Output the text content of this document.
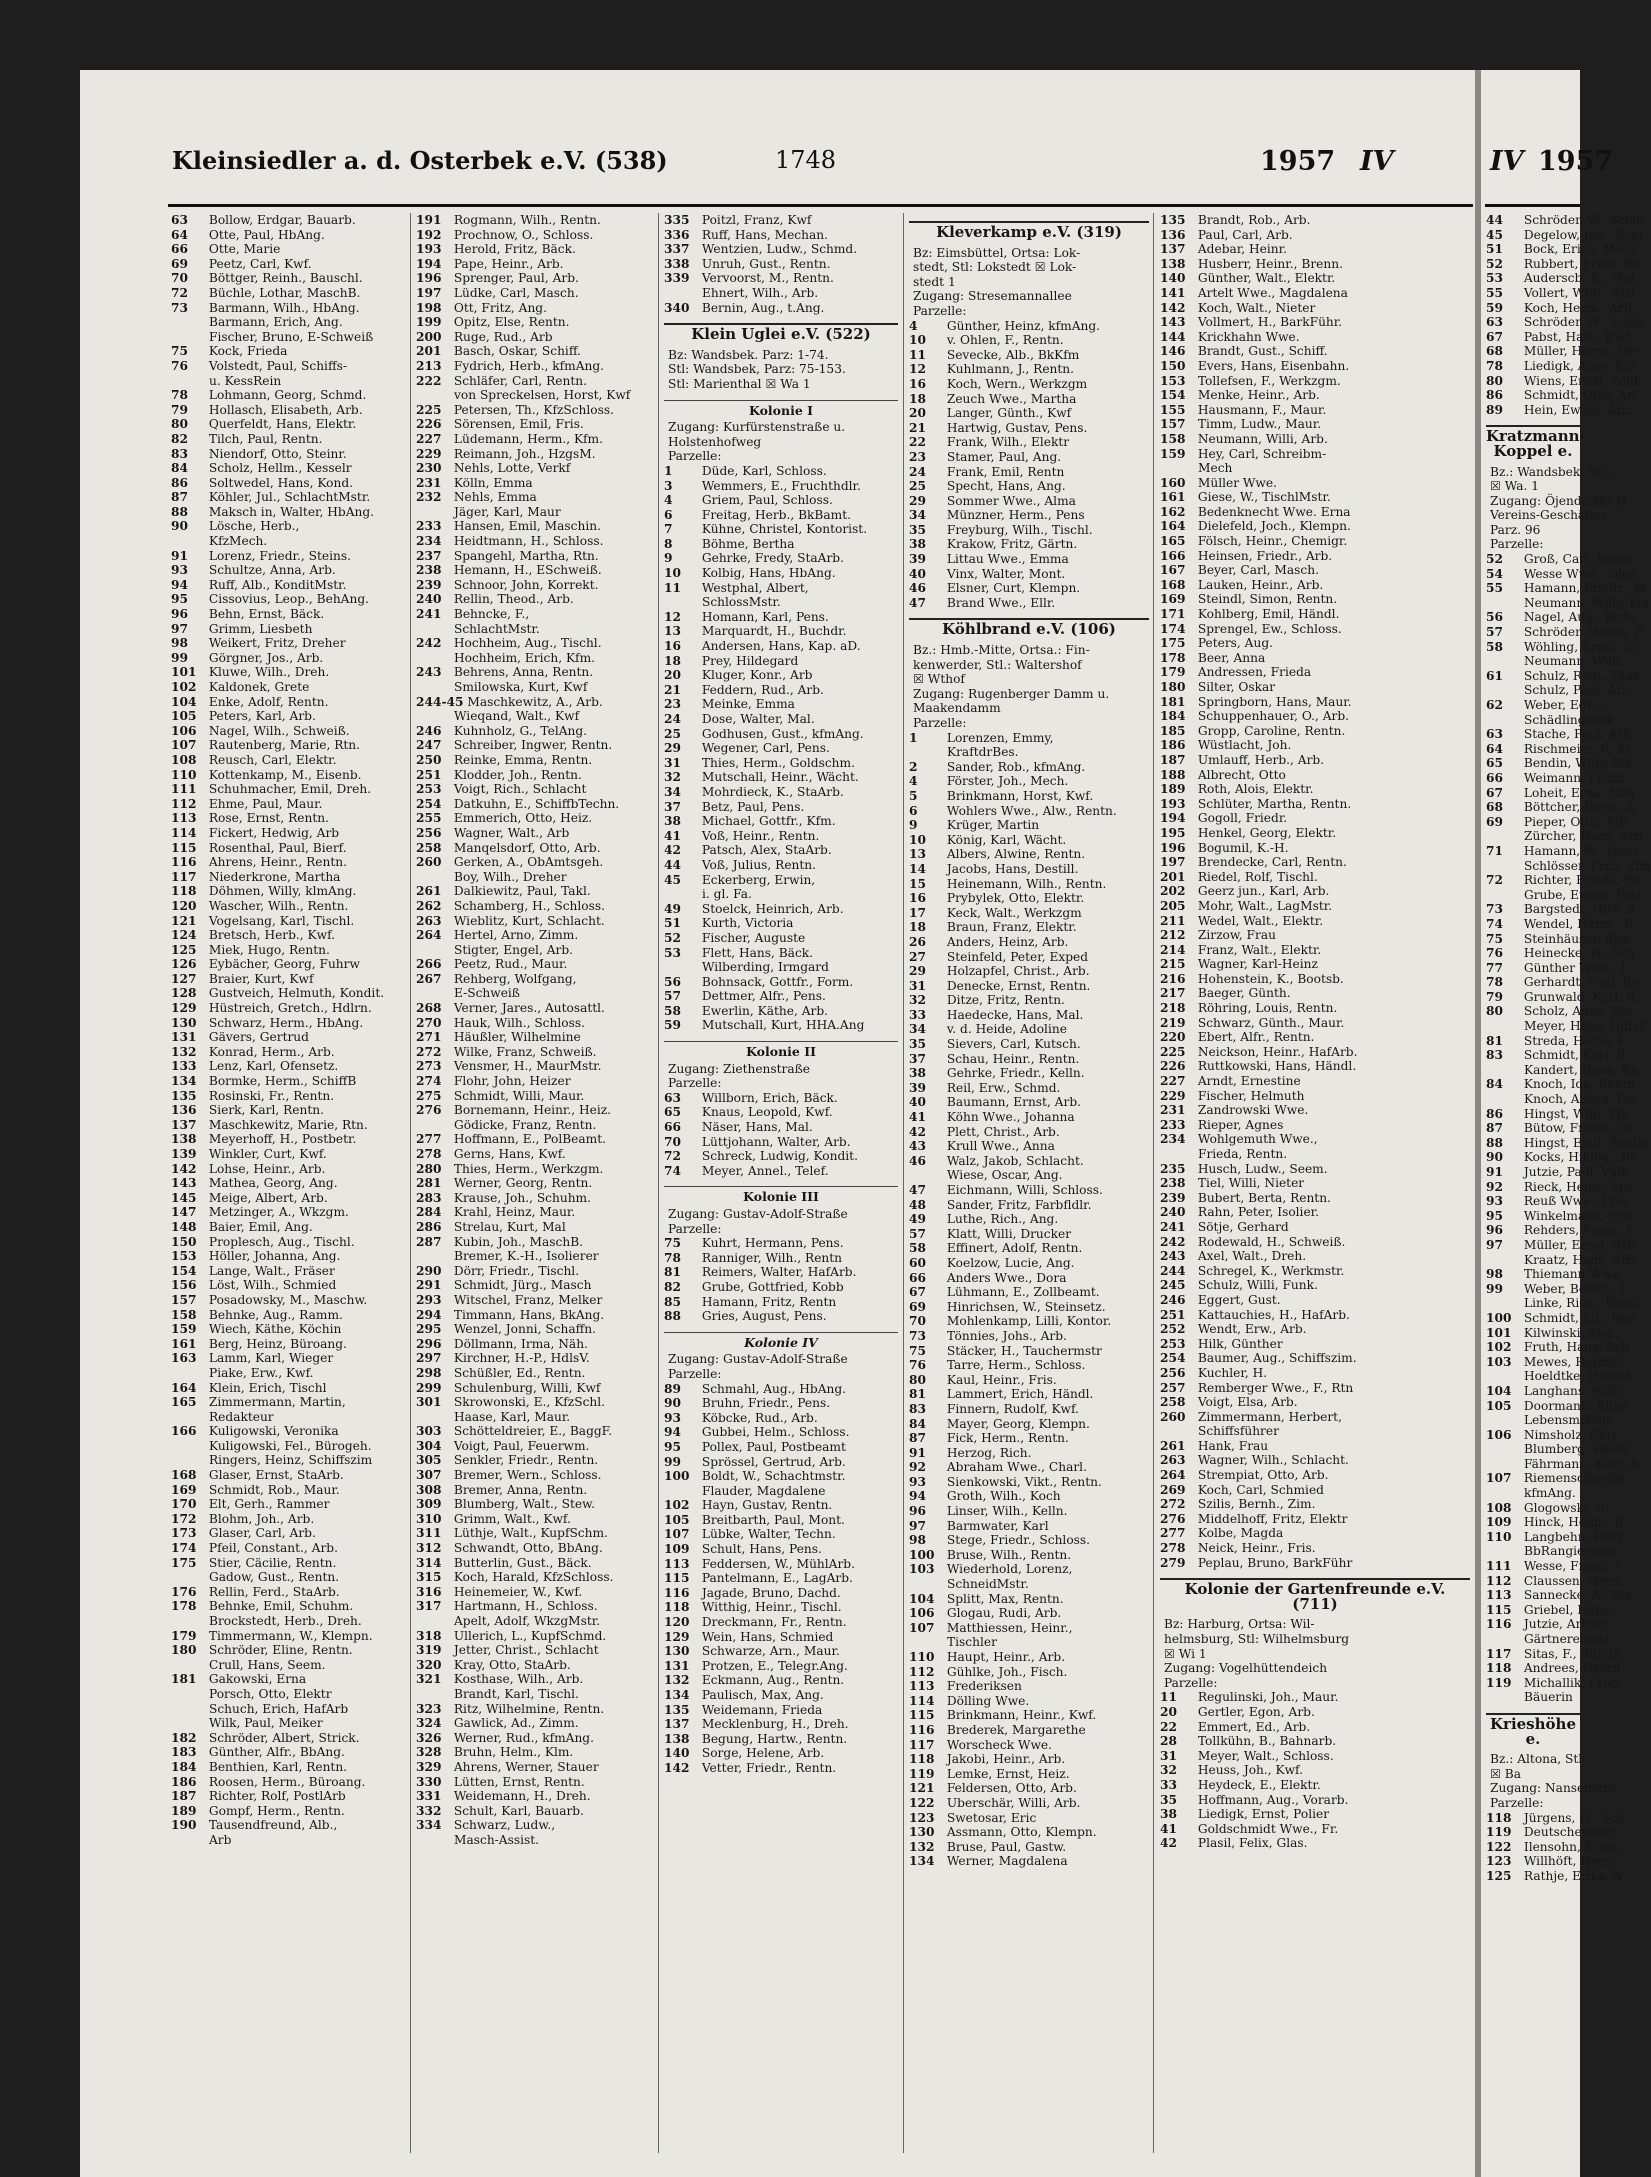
Kleinsiedler a. d. Osterbek e.V. (538)	1748	1957 IV	IV 1957
63 Bollow, Erdgar, Bauarb.
64 Otte, Paul, HbAng.
66 Otte, Marie
69 Peetz, Carl, Kwf.
70 Böttger, Reinh., Bauschl.
72 Büchle, Lothar, MaschB.
73 Barmann, Wilh., HbAng.
Barmann, Erich, Ang.
Fischer, Bruno, E-Schweiß
75 Kock, Frieda
76 Volstedt, Paul, Schiffs-
u. KessRein
78 Lohmann, Georg, Schmd.
79 Hollasch, Elisabeth, Arb.
80 Querfeldt, Hans, Elektr.
82 Tilch, Paul, Rentn.
83 Niendorf, Otto, Steinr.
84 Scholz, Hellm., Kesselr
86 Soltwedel, Hans, Kond.
87 Köhler, Jul., SchlachtMstr.
88 Maksch in, Walter, HbAng.
90 Lösche, Herb.,
KfzMech.
91 Lorenz, Friedr., Steins.
93 Schultze, Anna, Arb.
94 Ruff, Alb., KonditMstr.
95 Cissovius, Leop., BehAng.
96 Behn, Ernst, Bäck.
97 Grimm, Liesbeth
98 Weikert, Fritz, Dreher
99 Görgner, Jos., Arb.
101 Kluwe, Wilh., Dreh.
102 Kaldonek, Grete
104 Enke, Adolf, Rentn.
105 Peters, Karl, Arb.
106 Nagel, Wilh., Schweiß.
107 Rautenberg, Marie, Rtn.
108 Reusch, Carl, Elektr.
110 Kottenkamp, M., Eisenb.
111 Schuhmacher, Emil, Dreh.
112 Ehme, Paul, Maur.
113 Rose, Ernst, Rentn.
114 Fickert, Hedwig, Arb
115 Rosenthal, Paul, Bierf.
116 Ahrens, Heinr., Rentn.
117 Niederkrone, Martha
118 Döhmen, Willy, klmAng.
120 Wascher, Wilh., Rentn.
121 Vogelsang, Karl, Tischl.
124 Bretsch, Herb., Kwf.
125 Miek, Hugo, Rentn.
126 Eybächer, Georg, Fuhrw
127 Braier, Kurt, Kwf
128 Gustveich, Helmuth, Kondit.
129 Hüstreich, Gretch., Hdlrn.
130 Schwarz, Herm., HbAng.
131 Gävers, Gertrud
132 Konrad, Herm., Arb.
133 Lenz, Karl, Ofensetz.
134 Bormke, Herm., SchiffB
135 Rosinski, Fr., Rentn.
136 Sierk, Karl, Rentn.
137 Maschkewitz, Marie, Rtn.
138 Meyerhoff, H., Postbetr.
139 Winkler, Curt, Kwf.
142 Lohse, Heinr., Arb.
143 Mathea, Georg, Ang.
145 Meige, Albert, Arb.
147 Metzinger, A., Wkzgm.
148 Baier, Emil, Ang.
150 Proplesch, Aug., Tischl.
153 Höller, Johanna, Ang.
154 Lange, Walt., Fräser
156 Löst, Wilh., Schmied
157 Posadowsky, M., Maschw.
158 Behnke, Aug., Ramm.
159 Wiech, Käthe, Köchin
161 Berg, Heinz, Büroang.
163 Lamm, Karl, Wieger
Piake, Erw., Kwf.
164 Klein, Erich, Tischl
165 Zimmermann, Martin,
Redakteur
166 Kuligowski, Veronika
Kuligowski, Fel., Bürogeh.
Ringers, Heinz, Schiffszim
168 Glaser, Ernst, StaArb.
169 Schmidt, Rob., Maur.
170 Elt, Gerh., Rammer
172 Blohm, Joh., Arb.
173 Glaser, Carl, Arb.
174 Pfeil, Constant., Arb.
175 Stier, Cäcilie, Rentn.
Gadow, Gust., Rentn.
176 Rellin, Ferd., StaArb.
178 Behnke, Emil, Schuhm.
Brockstedt, Herb., Dreh.
179 Timmermann, W., Klempn.
180 Schröder, Eline, Rentn.
Crull, Hans, Seem.
181 Gakowski, Erna
Porsch, Otto, Elektr
Schuch, Erich, HafArb
Wilk, Paul, Meiker
182 Schröder, Albert, Strick.
183 Günther, Alfr., BbAng.
184 Benthien, Karl, Rentn.
186 Roosen, Herm., Büroang.
187 Richter, Rolf, PostlArb
189 Gompf, Herm., Rentn.
190 Tausendfreund, Alb.,
Arb
191 Rogmann, Wilh., Rentn.
192 Prochnow, O., Schloss.
193 Herold, Fritz, Bäck.
194 Pape, Heinr., Arb.
196 Sprenger, Paul, Arb.
197 Lüdke, Carl, Masch.
198 Ott, Fritz, Ang.
199 Opitz, Else, Rentn.
200 Ruge, Rud., Arb
201 Basch, Oskar, Schiff.
213 Fydrich, Herb., kfmAng.
222 Schläfer, Carl, Rentn.
von Spreckelsen, Horst, Kwf
225 Petersen, Th., KfzSchloss.
226 Sörensen, Emil, Fris.
227 Lüdemann, Herm., Kfm.
229 Reimann, Joh., HzgsM.
230 Nehls, Lotte, Verkf
231 Kölln, Emma
232 Nehls, Emma
Jäger, Karl, Maur
233 Hansen, Emil, Maschin.
234 Heidtmann, H., Schloss.
237 Spangehl, Martha, Rtn.
238 Hemann, H., ESchweiß.
239 Schnoor, John, Korrekt.
240 Rellin, Theod., Arb.
241 Behncke, F.,
SchlachtMstr.
242 Hochheim, Aug., Tischl.
Hochheim, Erich, Kfm.
243 Behrens, Anna, Rentn.
Smilowska, Kurt, Kwf
244-45 Maschkewitz, A., Arb.
Wieqand, Walt., Kwf
246 Kuhnholz, G., TelAng.
247 Schreiber, Ingwer, Rentn.
250 Reinke, Emma, Rentn.
251 Klodder, Joh., Rentn.
253 Voigt, Rich., Schlacht
254 Datkuhn, E., SchiffbTechn.
255 Emmerich, Otto, Heiz.
256 Wagner, Walt., Arb
258 Manqelsdorf, Otto, Arb.
260 Gerken, A., ObAmtsgeh.
Boy, Wilh., Dreher
261 Dalkiewitz, Paul, Takl.
262 Schamberg, H., Schloss.
263 Wieblitz, Kurt, Schlacht.
264 Hertel, Arno, Zimm.
Stigter, Engel, Arb.
266 Peetz, Rud., Maur.
267 Rehberg, Wolfgang,
E-Schweiß
268 Verner, Jares., Autosattl.
270 Hauk, Wilh., Schloss.
271 Häußler, Wilhelmine
272 Wilke, Franz, Schweiß.
273 Vensmer, H., MaurMstr.
274 Flohr, John, Heizer
275 Schmidt, Willi, Maur.
276 Bornemann, Heinr., Heiz.
Gödicke, Franz, Rentn.
277 Hoffmann, E., PolBeamt.
278 Gerns, Hans, Kwf.
280 Thies, Herm., Werkzgm.
281 Werner, Georg, Rentn.
283 Krause, Joh., Schuhm.
284 Krahl, Heinz, Maur.
286 Strelau, Kurt, Mal
287 Kubin, Joh., MaschB.
Bremer, K.-H., Isolierer
290 Dörr, Friedr., Tischl.
291 Schmidt, Jürg., Masch
293 Witschel, Franz, Melker
294 Timmann, Hans, BkAng.
295 Wenzel, Jonni, Schaffn.
296 Döllmann, Irma, Näh.
297 Kirchner, H.-P., HdlsV.
298 Schüßler, Ed., Rentn.
299 Schulenburg, Willi, Kwf
301 Skrowonski, E., KfzSchl.
Haase, Karl, Maur.
303 Schötteldreier, E., BaggF.
304 Voigt, Paul, Feuerwm.
305 Senkler, Friedr., Rentn.
307 Bremer, Wern., Schloss.
308 Bremer, Anna, Rentn.
309 Blumberg, Walt., Stew.
310 Grimm, Walt., Kwf.
311 Lüthje, Walt., KupfSchm.
312 Schwandt, Otto, BbAng.
314 Butterlin, Gust., Bäck.
315 Koch, Harald, KfzSchloss.
316 Heinemeier, W., Kwf.
317 Hartmann, H., Schloss.
Apelt, Adolf, WkzgMstr.
318 Ullerich, L., KupfSchmd.
319 Jetter, Christ., Schlacht
320 Kray, Otto, StaArb.
321 Kosthase, Wilh., Arb.
Brandt, Karl, Tischl.
323 Ritz, Wilhelmine, Rentn.
324 Gawlick, Ad., Zimm.
326 Werner, Rud., kfmAng.
328 Bruhn, Helm., Klm.
329 Ahrens, Werner, Stauer
330 Lütten, Ernst, Rentn.
331 Weidemann, H., Dreh.
332 Schult, Karl, Bauarb.
334 Schwarz, Ludw.,
Masch-Assist.
335 Poitzl, Franz, Kwf
336 Ruff, Hans, Mechan.
337 Wentzien, Ludw., Schmd.
338 Unruh, Gust., Rentn.
339 Vervoorst, M., Rentn.
Ehnert, Wilh., Arb.
340 Bernin, Aug., t.Ang.
Klein Uglei e.V. (522)
Bz: Wandsbek. Parz: 1-74.
Stl: Wandsbek, Parz: 75-153.
Stl: Marienthal ☒ Wa 1
Kolonie I
Zugang: Kurfürstenstraße u.
Holstenhofweg
Parzelle:
1 Düde, Karl, Schloss.
3 Wemmers, E., Fruchthdlr.
4 Griem, Paul, Schloss.
6 Freitag, Herb., BkBamt.
7 Kühne, Christel, Kontorist.
8 Böhme, Bertha
9 Gehrke, Fredy, StaArb.
10 Kolbig, Hans, HbAng.
11 Westphal, Albert,
SchlossMstr.
12 Homann, Karl, Pens.
13 Marquardt, H., Buchdr.
16 Andersen, Hans, Kap. aD.
18 Prey, Hildegard
20 Kluger, Konr., Arb
21 Feddern, Rud., Arb.
23 Meinke, Emma
24 Dose, Walter, Mal.
25 Godhusen, Gust., kfmAng.
29 Wegener, Carl, Pens.
31 Thies, Herm., Goldschm.
32 Mutschall, Heinr., Wächt.
34 Mohrdieck, K., StaArb.
37 Betz, Paul, Pens.
38 Michael, Gottfr., Kfm.
41 Voß, Heinr., Rentn.
42 Patsch, Alex, StaArb.
44 Voß, Julius, Rentn.
45 Eckerberg, Erwin,
i. gl. Fa.
49 Stoelck, Heinrich, Arb.
51 Kurth, Victoria
52 Fischer, Auguste
53 Flett, Hans, Bäck.
Wilberding, Irmgard
56 Bohnsack, Gottfr., Form.
57 Dettmer, Alfr., Pens.
58 Ewerlin, Käthe, Arb.
59 Mutschall, Kurt, HHA.Ang
Kolonie II
Zugang: Ziethenstraße
Parzelle:
63 Willborn, Erich, Bäck.
65 Knaus, Leopold, Kwf.
66 Näser, Hans, Mal.
70 Lüttjohann, Walter, Arb.
72 Schreck, Ludwig, Kondit.
74 Meyer, Annel., Telef.
Kolonie III
Zugang: Gustav-Adolf-Straße
Parzelle:
75 Kuhrt, Hermann, Pens.
78 Ranniger, Wilh., Rentn
81 Reimers, Walter, HafArb.
82 Grube, Gottfried, Kobb
85 Hamann, Fritz, Rentn
88 Gries, August, Pens.
Kolonie IV
Zugang: Gustav-Adolf-Straße
Parzelle:
89 Schmahl, Aug., HbAng.
90 Bruhn, Friedr., Pens.
93 Köbcke, Rud., Arb.
94 Gubbei, Helm., Schloss.
95 Pollex, Paul, Postbeamt
99 Sprössel, Gertrud, Arb.
100 Boldt, W., Schachtmstr.
Flauder, Magdalene
102 Hayn, Gustav, Rentn.
105 Breitbarth, Paul, Mont.
107 Lübke, Walter, Techn.
109 Schult, Hans, Pens.
113 Feddersen, W., MühlArb.
115 Pantelmann, E., LagArb.
116 Jagade, Bruno, Dachd.
118 Witthig, Heinr., Tischl.
120 Dreckmann, Fr., Rentn.
129 Wein, Hans, Schmied
130 Schwarze, Arn., Maur.
131 Protzen, E., Telegr.Ang.
132 Eckmann, Aug., Rentn.
134 Paulisch, Max, Ang.
135 Weidemann, Frieda
137 Mecklenburg, H., Dreh.
138 Begung, Hartw., Rentn.
140 Sorge, Helene, Arb.
142 Vetter, Friedr., Rentn.
Kleverkamp e.V. (319)
Bz: Eimsbüttel, Ortsa: Lok-
stedt, Stl: Lokstedt ☒ Lok-
stedt 1
Zugang: Stresemannallee
Parzelle:
4 Günther, Heinz, kfmAng.
10 v. Ohlen, F., Rentn.
11 Sevecke, Alb., BkKfm
12 Kuhlmann, J., Rentn.
16 Koch, Wern., Werkzgm
18 Zeuch Wwe., Martha
20 Langer, Günth., Kwf
21 Hartwig, Gustav, Pens.
22 Frank, Wilh., Elektr
23 Stamer, Paul, Ang.
24 Frank, Emil, Rentn
25 Specht, Hans, Ang.
29 Sommer Wwe., Alma
34 Münzner, Herm., Pens
35 Freyburg, Wilh., Tischl.
38 Krakow, Fritz, Gärtn.
39 Littau Wwe., Emma
40 Vinx, Walter, Mont.
46 Elsner, Curt, Klempn.
47 Brand Wwe., Ellr.
Köhlbrand e.V. (106)
Bz.: Hmb.-Mitte, Ortsa.: Fin-
kenwerder, Stl.: Waltershof
☒ Wthof
Zugang: Rugenberger Damm u.
Maakendamm
Parzelle:
1 Lorenzen, Emmy,
KraftdrBes.
2 Sander, Rob., kfmAng.
4 Förster, Joh., Mech.
5 Brinkmann, Horst, Kwf.
6 Wohlers Wwe., Alw., Rentn.
9 Krüger, Martin
10 König, Karl, Wächt.
13 Albers, Alwine, Rentn.
14 Jacobs, Hans, Destill.
15 Heinemann, Wilh., Rentn.
16 Prybylek, Otto, Elektr.
17 Keck, Walt., Werkzgm
18 Braun, Franz, Elektr.
26 Anders, Heinz, Arb.
27 Steinfeld, Peter, Exped
29 Holzapfel, Christ., Arb.
31 Denecke, Ernst, Rentn.
32 Ditze, Fritz, Rentn.
33 Haedecke, Hans, Mal.
34 v. d. Heide, Adoline
35 Sievers, Carl, Kutsch.
37 Schau, Heinr., Rentn.
38 Gehrke, Friedr., Kelln.
39 Reil, Erw., Schmd.
40 Baumann, Ernst, Arb.
41 Köhn Wwe., Johanna
42 Plett, Christ., Arb.
43 Krull Wwe., Anna
46 Walz, Jakob, Schlacht.
Wiese, Oscar, Ang.
47 Eichmann, Willi, Schloss.
48 Sander, Fritz, Farbfldlr.
49 Luthe, Rich., Ang.
57 Klatt, Willi, Drucker
58 Effinert, Adolf, Rentn.
60 Koelzow, Lucie, Ang.
66 Anders Wwe., Dora
67 Lühmann, E., Zollbeamt.
69 Hinrichsen, W., Steinsetz.
70 Mohlenkamp, Lilli, Kontor.
73 Tönnies, Johs., Arb.
75 Stäcker, H., Tauchermstr
76 Tarre, Herm., Schloss.
80 Kaul, Heinr., Fris.
81 Lammert, Erich, Händl.
83 Finnern, Rudolf, Kwf.
84 Mayer, Georg, Klempn.
87 Fick, Herm., Rentn.
91 Herzog, Rich.
92 Abraham Wwe., Charl.
93 Sienkowski, Vikt., Rentn.
94 Groth, Wilh., Koch
96 Linser, Wilh., Kelln.
97 Barmwater, Karl
98 Stege, Friedr., Schloss.
100 Bruse, Wilh., Rentn.
103 Wiederhold, Lorenz,
SchneidMstr.
104 Splitt, Max, Rentn.
106 Glogau, Rudi, Arb.
107 Matthiessen, Heinr.,
Tischler
110 Haupt, Heinr., Arb.
112 Gühlke, Joh., Fisch.
113 Frederiksen
114 Dölling Wwe.
115 Brinkmann, Heinr., Kwf.
116 Brederek, Margarethe
117 Worscheck Wwe.
118 Jakobi, Heinr., Arb.
119 Lemke, Ernst, Heiz.
121 Feldersen, Otto, Arb.
122 Uberschär, Willi, Arb.
123 Swetosar, Eric
130 Assmann, Otto, Klempn.
132 Bruse, Paul, Gastw.
134 Werner, Magdalena
135 Brandt, Rob., Arb.
136 Paul, Carl, Arb.
137 Adebar, Heinr.
138 Husberr, Heinr., Brenn.
140 Günther, Walt., Elektr.
141 Artelt Wwe., Magdalena
142 Koch, Walt., Nieter
143 Vollmert, H., BarkFühr.
144 Krickhahn Wwe.
146 Brandt, Gust., Schiff.
150 Evers, Hans, Eisenbahn.
153 Tollefsen, F., Werkzgm.
154 Menke, Heinr., Arb.
155 Hausmann, F., Maur.
157 Timm, Ludw., Maur.
158 Neumann, Willi, Arb.
159 Hey, Carl, Schreibm-
Mech
160 Müller Wwe.
161 Giese, W., TischlMstr.
162 Bedenknecht Wwe. Erna
164 Dielefeld, Joch., Klempn.
165 Fölsch, Heinr., Chemigr.
166 Heinsen, Friedr., Arb.
167 Beyer, Carl, Masch.
168 Lauken, Heinr., Arb.
169 Steindl, Simon, Rentn.
171 Kohlberg, Emil, Händl.
174 Sprengel, Ew., Schloss.
175 Peters, Aug.
178 Beer, Anna
179 Andressen, Frieda
180 Silter, Oskar
181 Springborn, Hans, Maur.
184 Schuppenhauer, O., Arb.
185 Gropp, Caroline, Rentn.
186 Wüstlacht, Joh.
187 Umlauff, Herb., Arb.
188 Albrecht, Otto
189 Roth, Alois, Elektr.
193 Schlüter, Martha, Rentn.
194 Gogoll, Friedr.
195 Henkel, Georg, Elektr.
196 Bogumil, K.-H.
197 Brendecke, Carl, Rentn.
201 Riedel, Rolf, Tischl.
202 Geerz jun., Karl, Arb.
205 Mohr, Walt., LagMstr.
211 Wedel, Walt., Elektr.
212 Zirzow, Frau
214 Franz, Walt., Elektr.
215 Wagner, Karl-Heinz
216 Hohenstein, K., Bootsb.
217 Baeger, Günth.
218 Röhring, Louis, Rentn.
219 Schwarz, Günth., Maur.
220 Ebert, Alfr., Rentn.
225 Neickson, Heinr., HafArb.
226 Ruttkowski, Hans, Händl.
227 Arndt, Ernestine
229 Fischer, Helmuth
231 Zandrowski Wwe.
233 Rieper, Agnes
234 Wohlgemuth Wwe.,
Frieda, Rentn.
235 Husch, Ludw., Seem.
238 Tiel, Willi, Nieter
239 Bubert, Berta, Rentn.
240 Rahn, Peter, Isolier.
241 Sötje, Gerhard
242 Rodewald, H., Schweiß.
243 Axel, Walt., Dreh.
244 Schregel, K., Werkmstr.
245 Schulz, Willi, Funk.
246 Eggert, Gust.
251 Kattauchies, H., HafArb.
252 Wendt, Erw., Arb.
253 Hilk, Günther
254 Baumer, Aug., Schiffszim.
256 Kuchler, H.
257 Remberger Wwe., F., Rtn
258 Voigt, Elsa, Arb.
260 Zimmermann, Herbert,
Schiffsführer
261 Hank, Frau
263 Wagner, Wilh., Schlacht.
264 Strempiat, Otto, Arb.
269 Koch, Carl, Schmied
272 Szilis, Bernh., Zim.
276 Middelhoff, Fritz, Elektr
277 Kolbe, Magda
278 Neick, Heinr., Fris.
279 Peplau, Bruno, BarkFühr
Kolonie der Gartenfreunde e.V. (711)
Bz: Harburg, Ortsa: Wil-
helmsburg, Stl: Wilhelmsburg
☒ Wi 1
Zugang: Vogelhüttendeich
Parzelle:
11 Regulinski, Joh., Maur.
20 Gertler, Egon, Arb.
22 Emmert, Ed., Arb.
28 Tollkühn, B., Bahnarb.
31 Meyer, Walt., Schloss.
32 Heuss, Joh., Kwf.
33 Heydeck, E., Elektr.
35 Hoffmann, Aug., Vorarb.
38 Liedigk, Ernst, Polier
41 Goldschmidt Wwe., Fr.
42 Plasil, Felix, Glas.
44 Schröder, W., Schlo
45 Degelow, Joh., Schl
51 Bock, Erich, Maur.
52 Rubbert, Ernst, Re
53 Auderscb, K., Mal.
55 Vollert, Wilh., Arb
59 Koch, Herm., Arb.
63 Schröder, W., Schlo
67 Pabst, Hans, Kwf
68 Müller, Herm., We
78 Liedigk, Arno, Kle
80 Wiens, Erich, Zollb
86 Schmidt, Otto, Arl
89 Hein, Ewald, Arb.
Kratzmann-Koppel e.
Bz.: Wandsbek, Stl.:
☒ Wa. 1
Zugang: Öjendorfer D
Vereins-Geschäftss
Parz. 96
Parzelle:
52 Groß, Carl, Rentn.
54 Wesse Wwe., Olga
55 Hamann, Friedr., M
Neumann, Willy, Ma
56 Nagel, Aug., BbAr
57 Schröder, Minna, F
58 Wöhling, Ernst, Sc
Neumann, Wilh.,
61 Schulz, Rich., Glas
Schulz, Paul, Arb.
62 Weber, Edm.,
Schädlingsbek.
63 Stache, Paul, Arb
64 Rischmeier, P., Kl
65 Bendin, Willy, Ma
66 Weimann, Franz,
67 Loheit, Erna, Näh
68 Böttcher, Berta, A
69 Pieper, Otto, Arb
Zürcher, Hans, Arb
71 Hamann, W., Posts
Schlösser, Fritz, kfm
72 Richter, Frieda, Pe
Grube, Ewald, Post
73 Bargstedt, Otto, A
74 Wendel, Herm., R
75 Steinhäuser, Else,
76 Heinecke, W., Sch
77 Günther Wwe., J
78 Gerhardt, Paul, Re
79 Grunwald, Karl, R
80 Scholz, Anna, Rer
Meyer, Hans, HdlsV
81 Streda, Heino, E
83 Schmidt, Karl, R
Kandert, Hans, Ka
84 Knoch, Ida, Rentn
Knoch, Alfred, Pos
86 Hingst, Willi, Pfö
87 Bütow, Friedr., In
88 Hingst, Emil, Rentn
90 Kocks, Hildeg., Re
91 Jutzie, Paul, Vulk
92 Rieck, Helm., Mo
93 Reuß Wwe., Frie
95 Winkelmann, Frie
96 Rehders, Franz, k
97 Müller, Ernst, Arb
Kraatz, Hans, Arb.
98 Thiemann Wwe
99 Weber, Bernh., F
Linke, Rich., Renti
100 Schmidt, Jul., Ren
101 Kilwinski, Aug.,
102 Fruth, Hans, Sch
103 Mewes, Helmut,
Hoeldtke, Harald,
104 Langhans, Wilh.
105 Doormann, Elisa
LebensmHdlg.
106 Nimsholz, Gert
Blumberg, Heinr.
Fährmann, Kurt, A
107 Riemenschneide
kfmAng.
108 Glogowski, R.,
109 Hinck, Heinr., R
110 Langbehn, Harr
BbRangiermstr.
111 Wesse, Franz, T
112 Claussen, Herm
113 Sannecke, A., Ma
115 Griebel, Hans,
116 Jutzie, Arthur,
Gärtnereibesi
117 Sitas, F., Bürste
118 Andrees, Georg
119 Michallik, Fries
Bäuerin
Krieshöhe e.
Bz.: Altona, Stl.:
☒ Ba
Zugang: Nansenstra
Parzelle:
118 Jürgens, H., Sch
119 Deutschendorf,
122 Ilensohn, Erich,
123 Willhöft, Herm
125 Rathje, Erika, A
